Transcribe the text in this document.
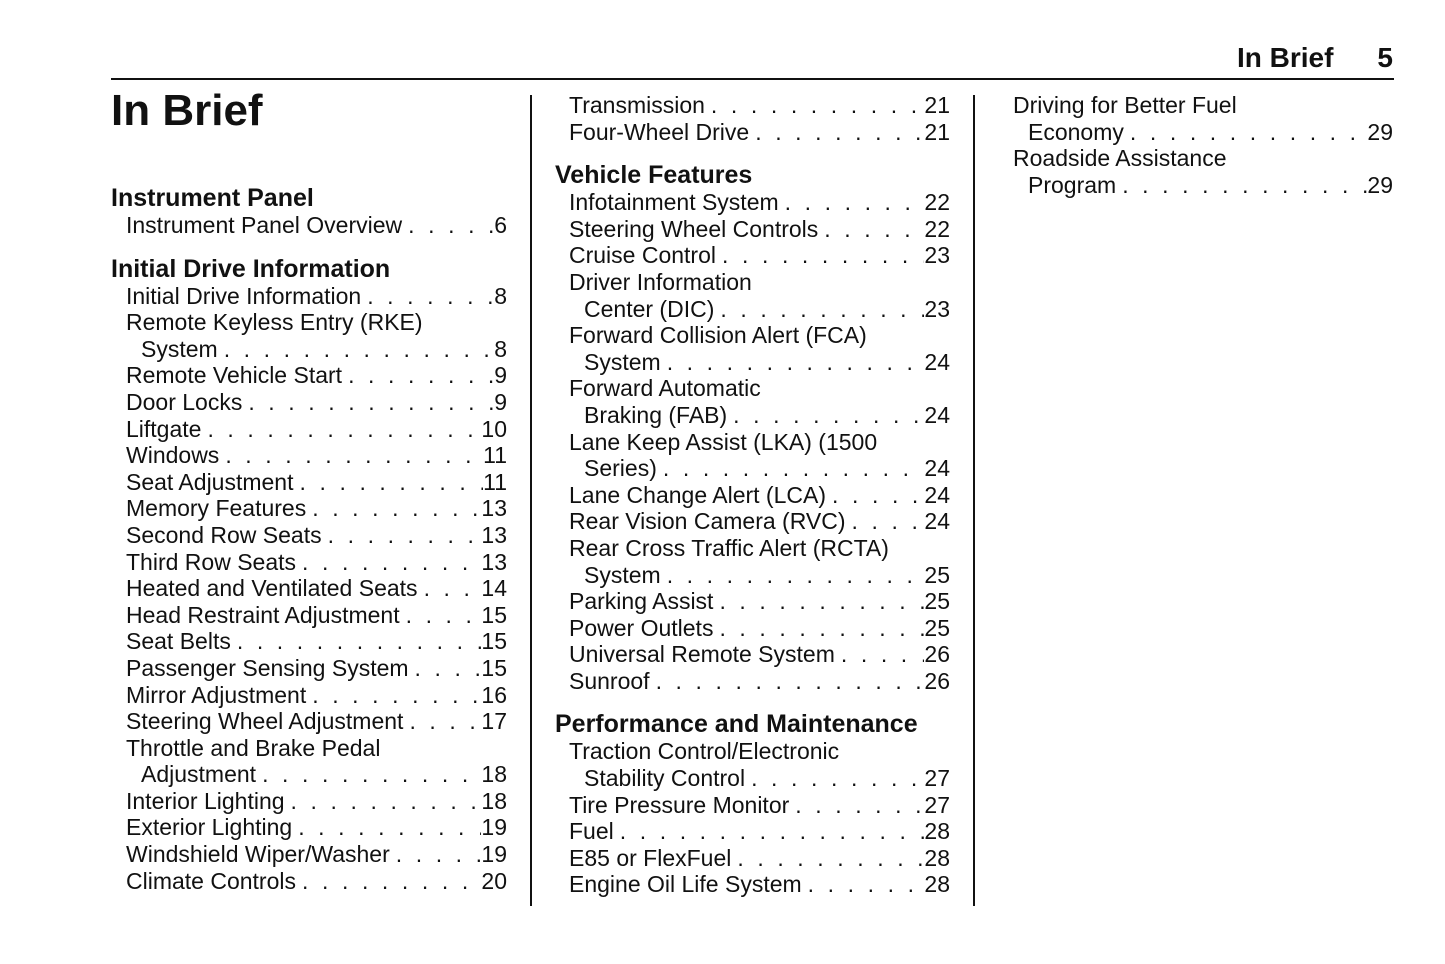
In Brief 5
In Brief
Instrument Panel
Instrument Panel Overview . . .	6
Initial Drive Information
Initial Drive Information . . .	8
Remote Keyless Entry (RKE)
System . . .	8
Remote Vehicle Start . . .	9
Door Locks . . .	9
Liftgate . . .	10
Windows . . .	11
Seat Adjustment . . .	11
Memory Features . . .	13
Second Row Seats . . .	13
Third Row Seats . . .	13
Heated and Ventilated Seats . . .	14
Head Restraint Adjustment . . .	15
Seat Belts . . .	15
Passenger Sensing System . . .	15
Mirror Adjustment . . .	16
Steering Wheel Adjustment . . .	17
Throttle and Brake Pedal
Adjustment . . .	18
Interior Lighting . . .	18
Exterior Lighting . . .	19
Windshield Wiper/Washer . . .	19
Climate Controls . . .	20
Transmission . . .	21
Four-Wheel Drive . . .	21
Vehicle Features
Infotainment System . . .	22
Steering Wheel Controls . . .	22
Cruise Control . . .	23
Driver Information
Center (DIC) . . .	23
Forward Collision Alert (FCA)
System . . .	24
Forward Automatic
Braking (FAB) . . .	24
Lane Keep Assist (LKA) (1500
Series) . . .	24
Lane Change Alert (LCA) . . .	24
Rear Vision Camera (RVC) . . .	24
Rear Cross Traffic Alert (RCTA)
System . . .	25
Parking Assist . . .	25
Power Outlets . . .	25
Universal Remote System . . .	26
Sunroof . . .	26
Performance and Maintenance
Traction Control/Electronic
Stability Control . . .	27
Tire Pressure Monitor . . .	27
Fuel . . .	28
E85 or FlexFuel . . .	28
Engine Oil Life System . . .	28
Driving for Better Fuel
Economy . . .	29
Roadside Assistance
Program . . .	29
